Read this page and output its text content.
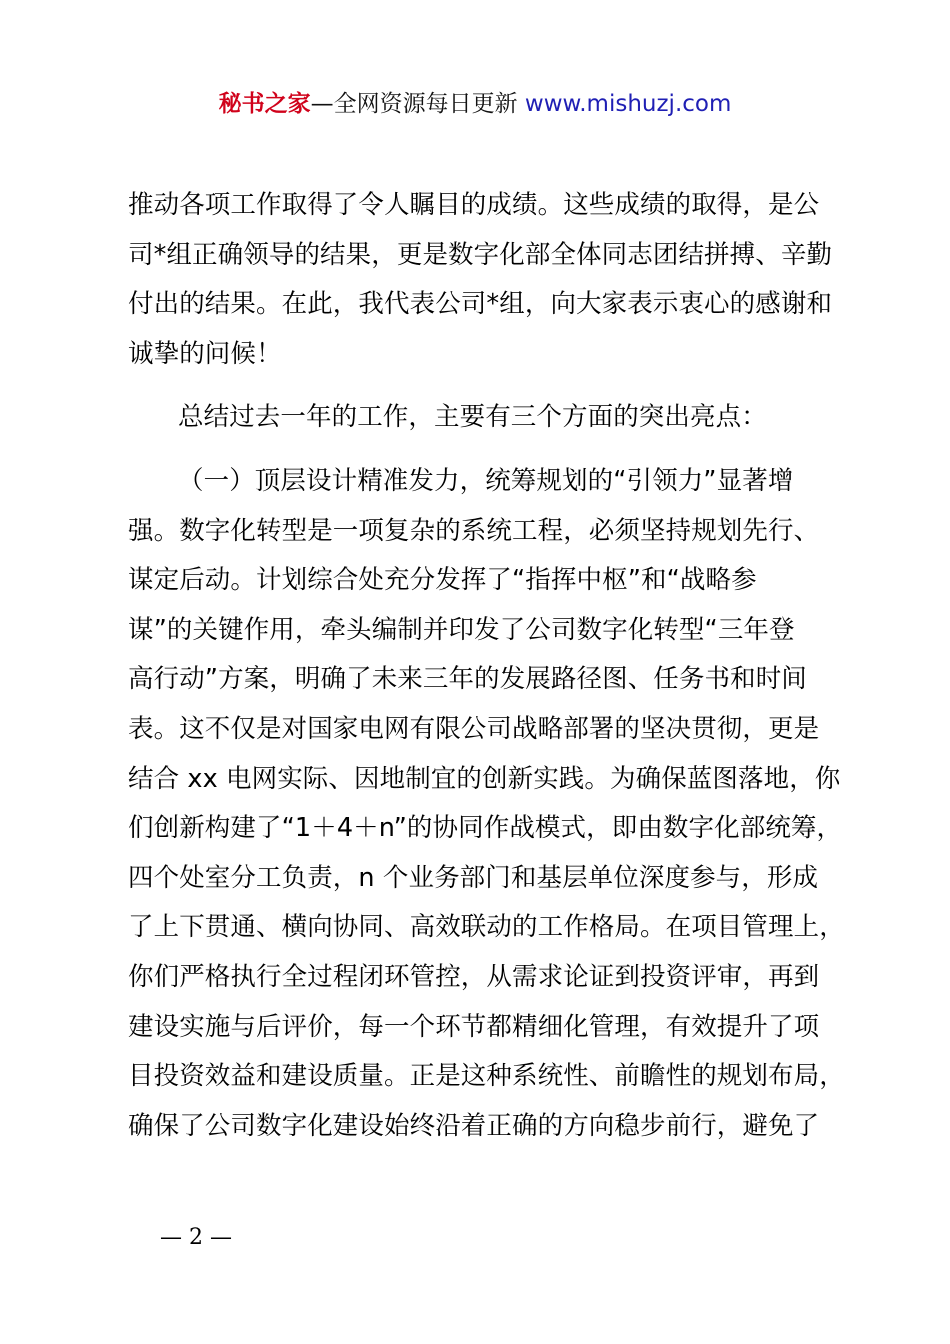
秘书之家—全网资源每日更新 www.mishuzj.com
推动各项工作取得了令人瞩目的成绩。这些成绩的取得，是公
司*组正确领导的结果，更是数字化部全体同志团结拼搏、辛勤
付出的结果。在此，我代表公司*组，向大家表示衷心的感谢和
诚挚的问候！
总结过去一年的工作，主要有三个方面的突出亮点：
（一）顶层设计精准发力，统筹规划的“引领力”显著增
强。数字化转型是一项复杂的系统工程，必须坚持规划先行、
谋定后动。计划综合处充分发挥了“指挥中枢”和“战略参
谋”的关键作用，牵头编制并印发了公司数字化转型“三年登
高行动”方案，明确了未来三年的发展路径图、任务书和时间
表。这不仅是对国家电网有限公司战略部署的坚决贯彻，更是
结合 xx 电网实际、因地制宜的创新实践。为确保蓝图落地，你
们创新构建了“1＋4＋n”的协同作战模式，即由数字化部统筹，
四个处室分工负责，n 个业务部门和基层单位深度参与，形成
了上下贯通、横向协同、高效联动的工作格局。在项目管理上，
你们严格执行全过程闭环管控，从需求论证到投资评审，再到
建设实施与后评价，每一个环节都精细化管理，有效提升了项
目投资效益和建设质量。正是这种系统性、前瞻性的规划布局，
确保了公司数字化建设始终沿着正确的方向稳步前行，避免了
— 2 —
